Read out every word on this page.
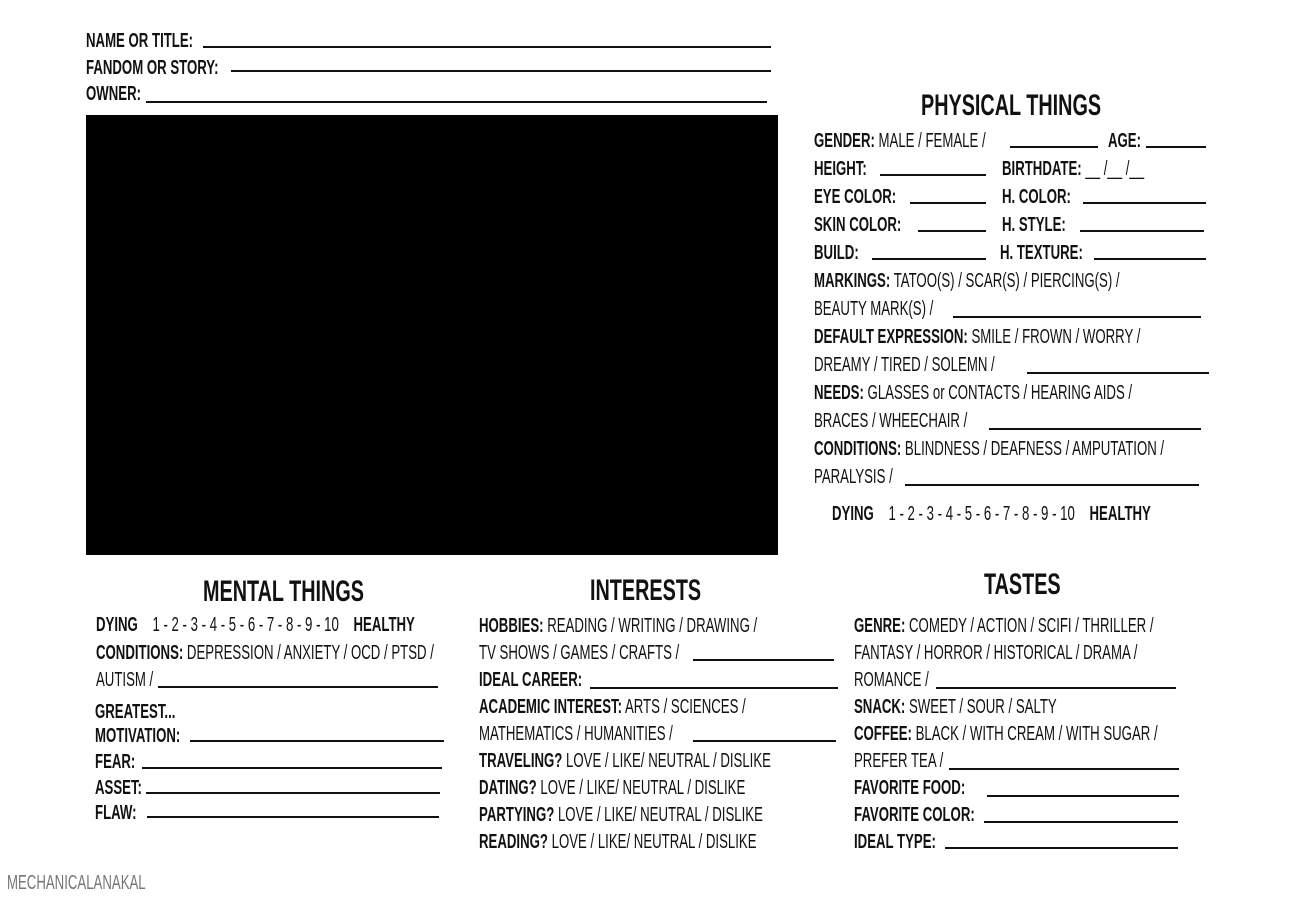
NAME OR TITLE:
FANDOM OR STORY:
OWNER:	PHYSICAL THINGS
GENDER: MALE / FEMALE /	AGE:
HEIGHT:	BIRTHDATE: __ /__ /__
EYE COLOR:	H. COLOR:
SKIN COLOR:	H. STYLE:
BUILD:	H. TEXTURE:
MARKINGS: TATOO(S) / SCAR(S) / PIERCING(S) /
BEAUTY MARK(S) /
DEFAULT EXPRESSION: SMILE / FROWN / WORRY /
DREAMY / TIRED / SOLEMN /
NEEDS: GLASSES or CONTACTS / HEARING AIDS /
BRACES / WHEECHAIR /
CONDITIONS: BLINDNESS / DEAFNESS / AMPUTATION /
PARALYSIS /
DYING 1 - 2 - 3 - 4 - 5 - 6 - 7 - 8 - 9 - 10 HEALTHY
MENTAL THINGS
DYING 1 - 2 - 3 - 4 - 5 - 6 - 7 - 8 - 9 - 10 HEALTHY
CONDITIONS: DEPRESSION / ANXIETY / OCD / PTSD /
AUTISM /
GREATEST...
MOTIVATION:
FEAR:
ASSET:
FLAW:
INTERESTS
HOBBIES: READING / WRITING / DRAWING /
TV SHOWS / GAMES / CRAFTS /
IDEAL CAREER:
ACADEMIC INTEREST: ARTS / SCIENCES /
MATHEMATICS / HUMANITIES /
TRAVELING? LOVE / LIKE/ NEUTRAL / DISLIKE
DATING? LOVE / LIKE/ NEUTRAL / DISLIKE
PARTYING? LOVE / LIKE/ NEUTRAL / DISLIKE
READING? LOVE / LIKE/ NEUTRAL / DISLIKE
TASTES
GENRE: COMEDY / ACTION / SCIFI / THRILLER /
FANTASY / HORROR / HISTORICAL / DRAMA /
ROMANCE /
SNACK: SWEET / SOUR / SALTY
COFFEE: BLACK / WITH CREAM / WITH SUGAR /
PREFER TEA /
FAVORITE FOOD:
FAVORITE COLOR:
IDEAL TYPE:
MECHANICALANAKAL
